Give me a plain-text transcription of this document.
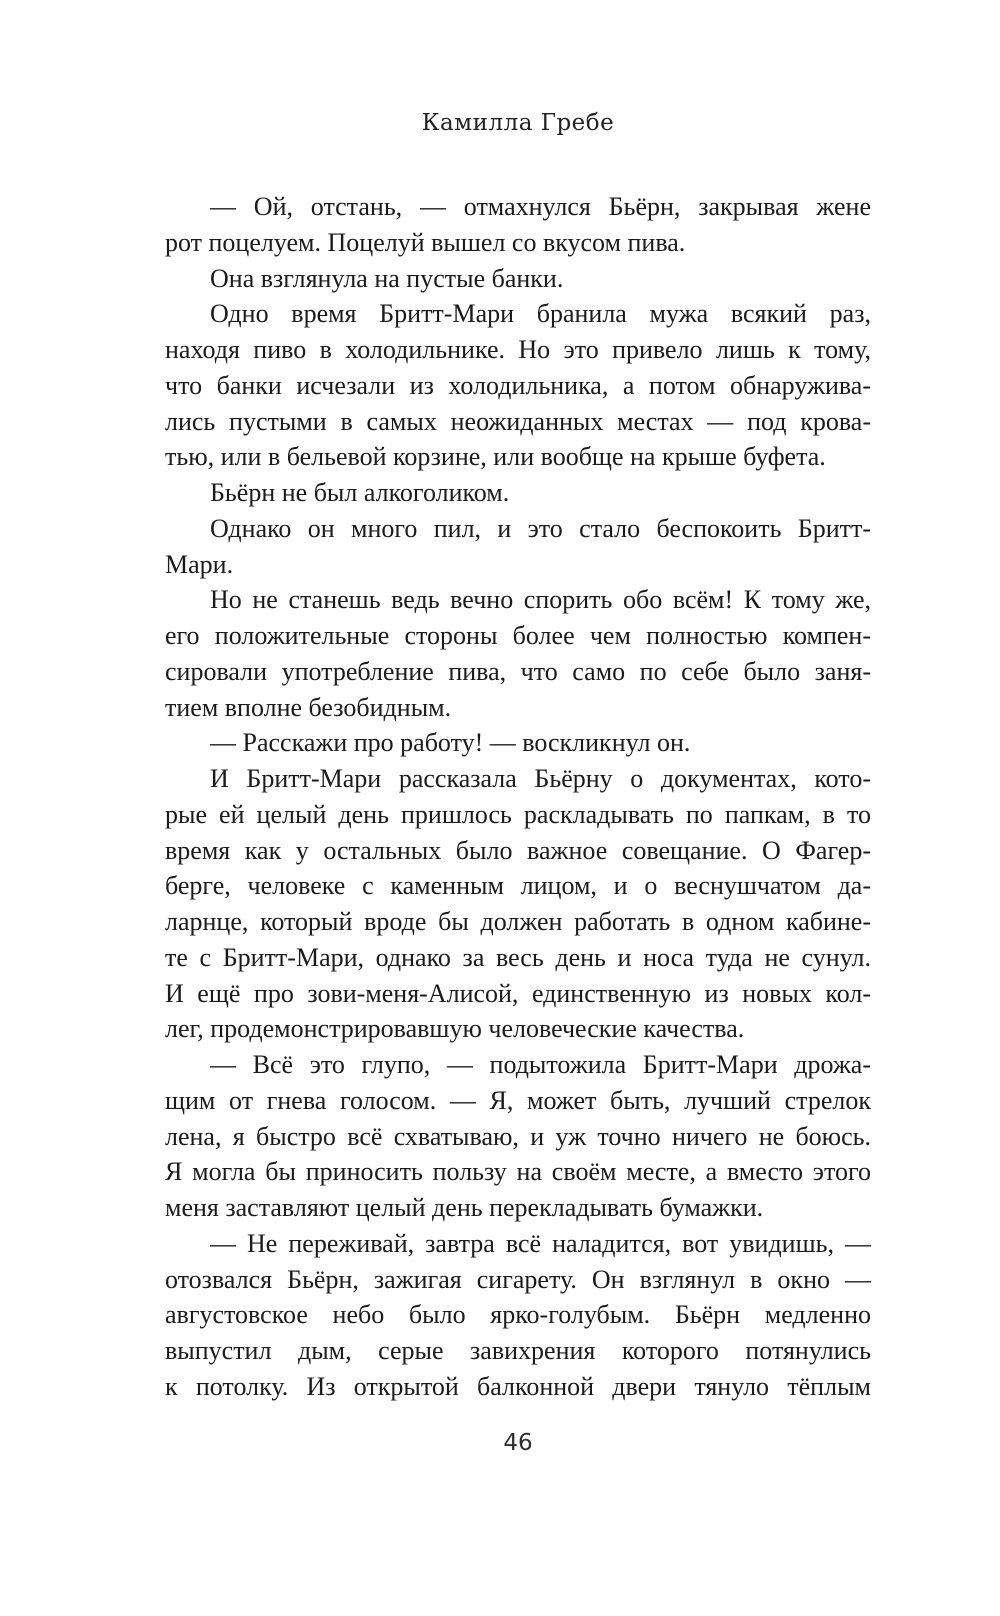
Камилла Гребе
— Ой, отстань, — отмахнулся Бьёрн, закрывая жене
рот поцелуем. Поцелуй вышел со вкусом пива.
Она взглянула на пустые банки.
Одно время Бритт-Мари бранила мужа всякий раз,
находя пиво в холодильнике. Но это привело лишь к тому,
что банки исчезали из холодильника, а потом обнаружива-
лись пустыми в самых неожиданных местах — под крова-
тью, или в бельевой корзине, или вообще на крыше буфета.
Бьёрн не был алкоголиком.
Однако он много пил, и это стало беспокоить Бритт-
Мари.
Но не станешь ведь вечно спорить обо всём! К тому же,
его положительные стороны более чем полностью компен-
сировали употребление пива, что само по себе было заня-
тием вполне безобидным.
— Расскажи про работу! — воскликнул он.
И Бритт-Мари рассказала Бьёрну о документах, кото-
рые ей целый день пришлось раскладывать по папкам, в то
время как у остальных было важное совещание. О Фагер-
берге, человеке с каменным лицом, и о веснушчатом да-
ларнце, который вроде бы должен работать в одном кабине-
те с Бритт-Мари, однако за весь день и носа туда не сунул.
И ещё про зови-меня-Алисой, единственную из новых кол-
лег, продемонстрировавшую человеческие качества.
— Всё это глупо, — подытожила Бритт-Мари дрожа-
щим от гнева голосом. — Я, может быть, лучший стрелок
лена, я быстро всё схватываю, и уж точно ничего не боюсь.
Я могла бы приносить пользу на своём месте, а вместо этого
меня заставляют целый день перекладывать бумажки.
— Не переживай, завтра всё наладится, вот увидишь, —
отозвался Бьёрн, зажигая сигарету. Он взглянул в окно —
августовское небо было ярко-голубым. Бьёрн медленно
выпустил дым, серые завихрения которого потянулись
к потолку. Из открытой балконной двери тянуло тёплым
46
